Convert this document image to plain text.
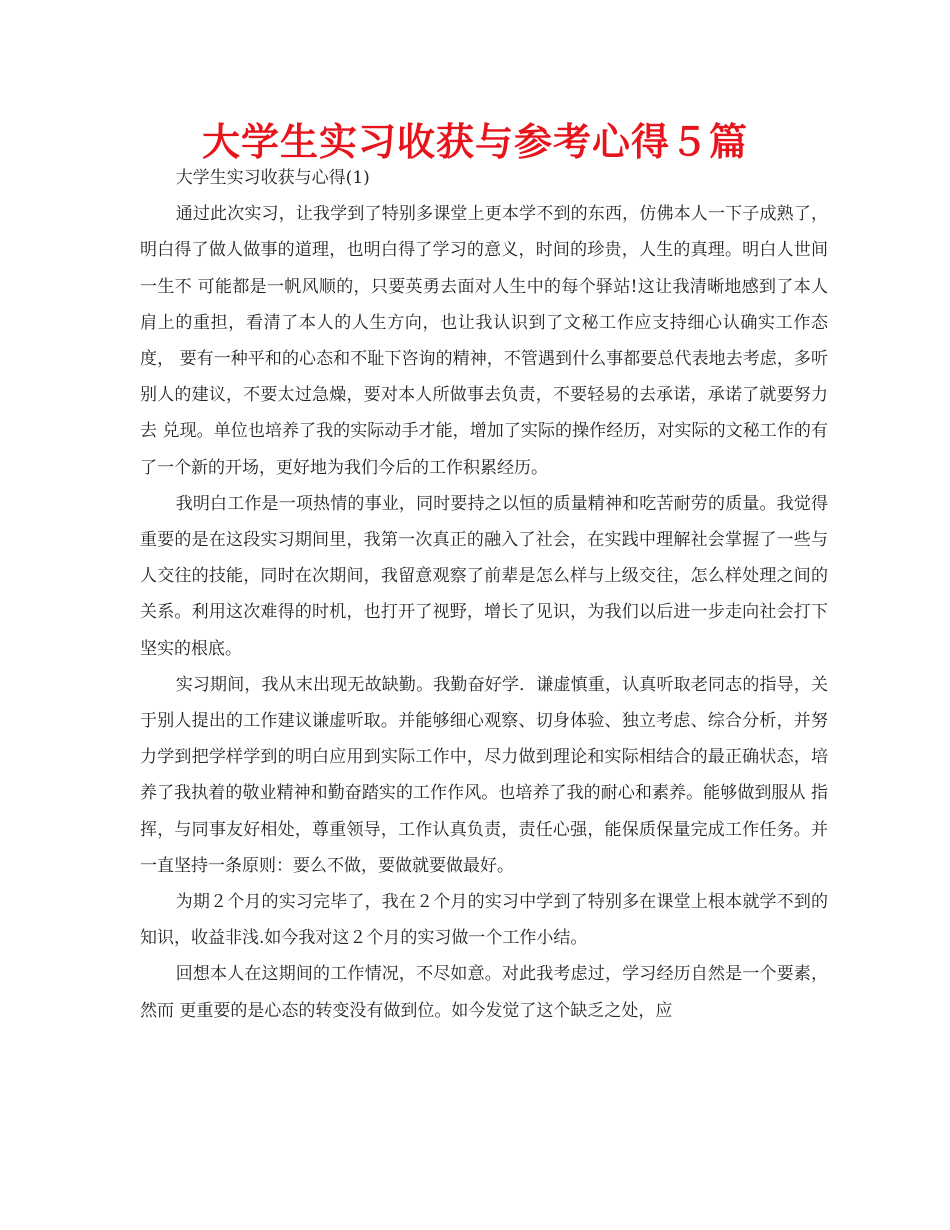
大学生实习收获与参考心得５篇

大学生实习收获与心得(1)

通过此次实习，让我学到了特别多课堂上更本学不到的东西，仿佛本人一下子成熟了，明白得了做人做事的道理，也明白得了学习的意义，时间的珍贵，人生的真理。明白人世间一生不 可能都是一帆风顺的，只要英勇去面对人生中的每个驿站!这让我清晰地感到了本人肩上的重担，看清了本人的人生方向，也让我认识到了文秘工作应支持细心认确实工作态度， 要有一种平和的心态和不耻下咨询的精神，不管遇到什么事都要总代表地去考虑，多听别人的建议，不要太过急燥，要对本人所做事去负责，不要轻易的去承诺，承诺了就要努力去 兑现。单位也培养了我的实际动手才能，增加了实际的操作经历，对实际的文秘工作的有了一个新的开场，更好地为我们今后的工作积累经历。

我明白工作是一项热情的事业，同时要持之以恒的质量精神和吃苦耐劳的质量。我觉得重要的是在这段实习期间里，我第一次真正的融入了社会，在实践中理解社会掌握了一些与 人交往的技能，同时在次期间，我留意观察了前辈是怎么样与上级交往，怎么样处理之间的关系。利用这次难得的时机，也打开了视野，增长了见识，为我们以后进一步走向社会打下 坚实的根底。

实习期间，我从末出现无故缺勤。我勤奋好学．谦虚慎重，认真听取老同志的指导，关于别人提出的工作建议谦虚听取。并能够细心观察、切身体验、独立考虑、综合分析，并努 力学到把学样学到的明白应用到实际工作中，尽力做到理论和实际相结合的最正确状态，培养了我执着的敬业精神和勤奋踏实的工作作风。也培养了我的耐心和素养。能够做到服从 指挥，与同事友好相处，尊重领导，工作认真负责，责任心强，能保质保量完成工作任务。并一直坚持一条原则：要么不做，要做就要做最好。

为期２个月的实习完毕了，我在２个月的实习中学到了特别多在课堂上根本就学不到的知识，收益非浅.如今我对这２个月的实习做一个工作小结。

回想本人在这期间的工作情况，不尽如意。对此我考虑过，学习经历自然是一个要素，然而 更重要的是心态的转变没有做到位。如今发觉了这个缺乏之处，应
